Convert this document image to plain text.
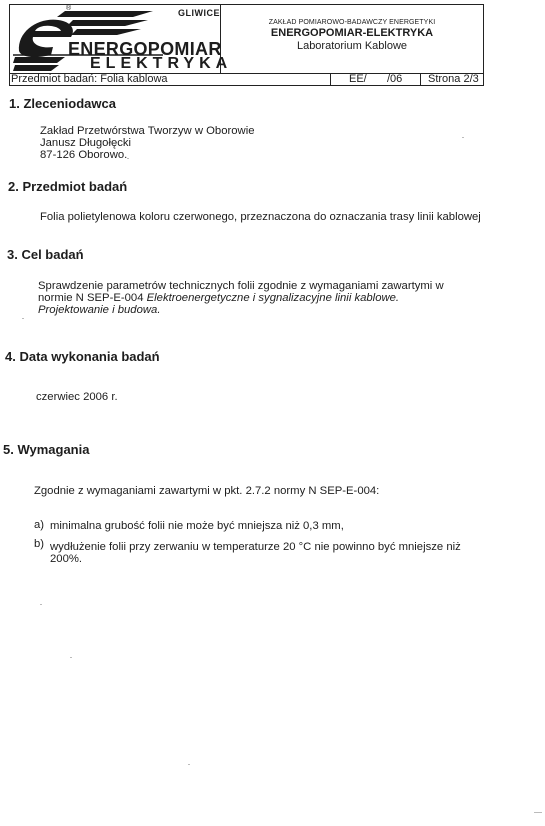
®	GLIWICE
ENERGOPOMIAR
ELEKTRYKA
ZAKŁAD POMIAROWO-BADAWCZY ENERGETYKI
ENERGOPOMIAR-ELEKTRYKA
Laboratorium Kablowe
Przedmiot badań: Folia kablowa	EE/ /06 Strona 2/3
1. Zleceniodawca
Zakład Przetwórstwa Tworzyw w Oborowie
Janusz Długołęcki
87-126 Oborowo.
2. Przedmiot badań
Folia polietylenowa koloru czerwonego, przeznaczona do oznaczania trasy linii kablowej
3. Cel badań
Sprawdzenie parametrów technicznych folii zgodnie z wymaganiami zawartymi w
normie N SEP-E-004 Elektroenergetyczne i sygnalizacyjne linii kablowe.
Projektowanie i budowa.
4. Data wykonania badań
czerwiec 2006 r.
5. Wymagania
Zgodnie z wymaganiami zawartymi w pkt. 2.7.2 normy N SEP-E-004:
a) minimalna grubość folii nie może być mniejsza niż 0,3 mm,
b) wydłużenie folii przy zerwaniu w temperaturze 20 °C nie powinno być mniejsze niż
200%.
